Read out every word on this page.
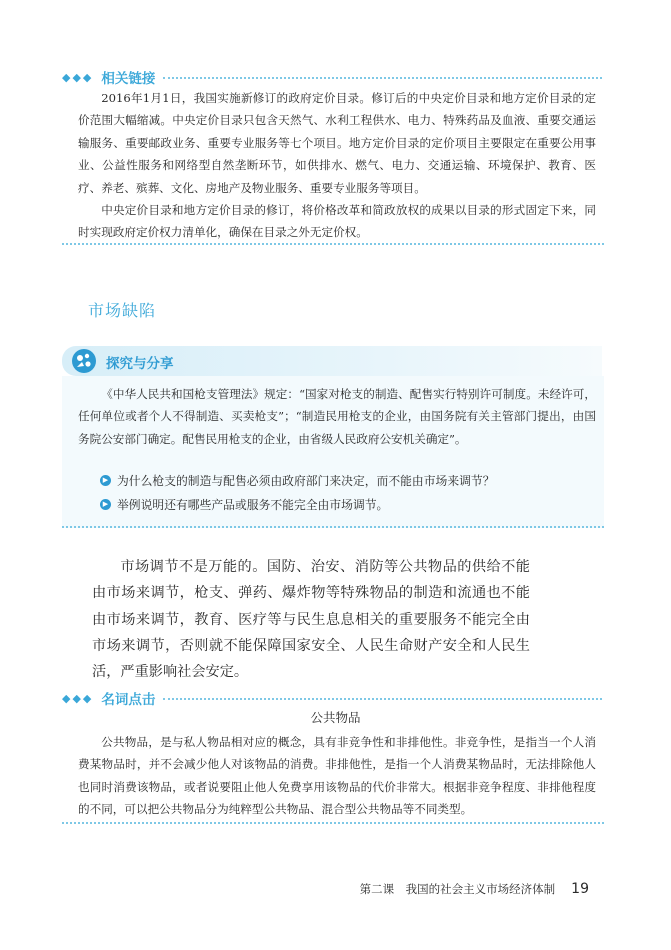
◆◆◆ 相关链接

2016年1月1日，我国实施新修订的政府定价目录。修订后的中央定价目录和地方定价目录的定价范围大幅缩减。中央定价目录只包含天然气、水利工程供水、电力、特殊药品及血液、重要交通运输服务、重要邮政业务、重要专业服务等七个项目。地方定价目录的定价项目主要限定在重要公用事业、公益性服务和网络型自然垄断环节，如供排水、燃气、电力、交通运输、环境保护、教育、医疗、养老、殡葬、文化、房地产及物业服务、重要专业服务等项目。

中央定价目录和地方定价目录的修订，将价格改革和简政放权的成果以目录的形式固定下来，同时实现政府定价权力清单化，确保在目录之外无定价权。

市场缺陷
探究与分享

《中华人民共和国枪支管理法》规定：“国家对枪支的制造、配售实行特别许可制度。未经许可，任何单位或者个人不得制造、买卖枪支”；“制造民用枪支的企业，由国务院有关主管部门提出，由国务院公安部门确定。配售民用枪支的企业，由省级人民政府公安机关确定”。

▶ 为什么枪支的制造与配售必须由政府部门来决定，而不能由市场来调节？
▶ 举例说明还有哪些产品或服务不能完全由市场调节。

市场调节不是万能的。国防、治安、消防等公共物品的供给不能由市场来调节，枪支、弹药、爆炸物等特殊物品的制造和流通也不能由市场来调节，教育、医疗等与民生息息相关的重要服务不能完全由市场来调节，否则就不能保障国家安全、人民生命财产安全和人民生活，严重影响社会安定。

◆◆◆ 名词点击
公共物品

公共物品，是与私人物品相对应的概念，具有非竞争性和非排他性。非竞争性，是指当一个人消费某物品时，并不会减少他人对该物品的消费。非排他性，是指一个人消费某物品时，无法排除他人也同时消费该物品，或者说要阻止他人免费享用该物品的代价非常大。根据非竞争程度、非排他程度的不同，可以把公共物品分为纯粹型公共物品、混合型公共物品等不同类型。

第二课　我国的社会主义市场经济体制 19
